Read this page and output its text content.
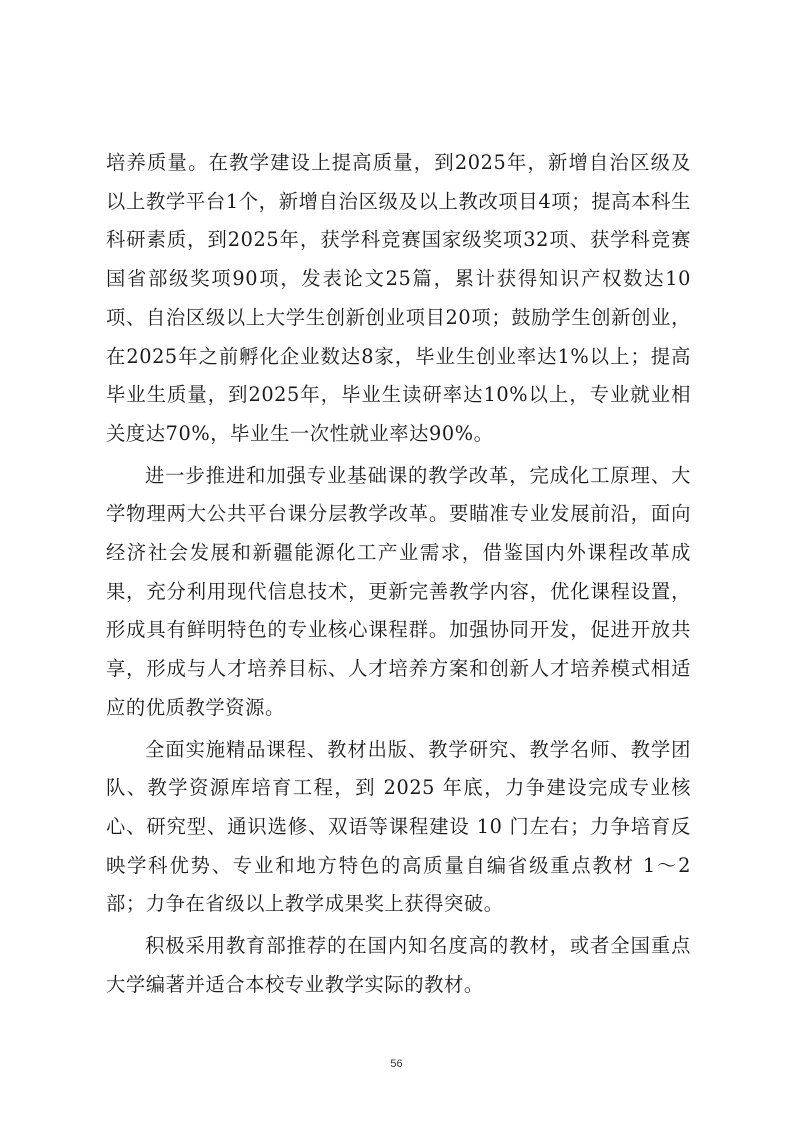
培养质量。在教学建设上提高质量，到2025年，新增自治区级及以上教学平台1个，新增自治区级及以上教改项目4项；提高本科生科研素质，到2025年，获学科竞赛国家级奖项32项、获学科竞赛国省部级奖项90项，发表论文25篇，累计获得知识产权数达10项、自治区级以上大学生创新创业项目20项；鼓励学生创新创业，在2025年之前孵化企业数达8家，毕业生创业率达1%以上；提高毕业生质量，到2025年，毕业生读研率达10%以上，专业就业相关度达70%，毕业生一次性就业率达90%。

进一步推进和加强专业基础课的教学改革，完成化工原理、大学物理两大公共平台课分层教学改革。要瞄准专业发展前沿，面向经济社会发展和新疆能源化工产业需求，借鉴国内外课程改革成果，充分利用现代信息技术，更新完善教学内容，优化课程设置，形成具有鲜明特色的专业核心课程群。加强协同开发，促进开放共享，形成与人才培养目标、人才培养方案和创新人才培养模式相适应的优质教学资源。

全面实施精品课程、教材出版、教学研究、教学名师、教学团队、教学资源库培育工程，到 2025 年底，力争建设完成专业核心、研究型、通识选修、双语等课程建设 10 门左右；力争培育反映学科优势、专业和地方特色的高质量自编省级重点教材 1～2 部；力争在省级以上教学成果奖上获得突破。

积极采用教育部推荐的在国内知名度高的教材，或者全国重点大学编著并适合本校专业教学实际的教材。

56
